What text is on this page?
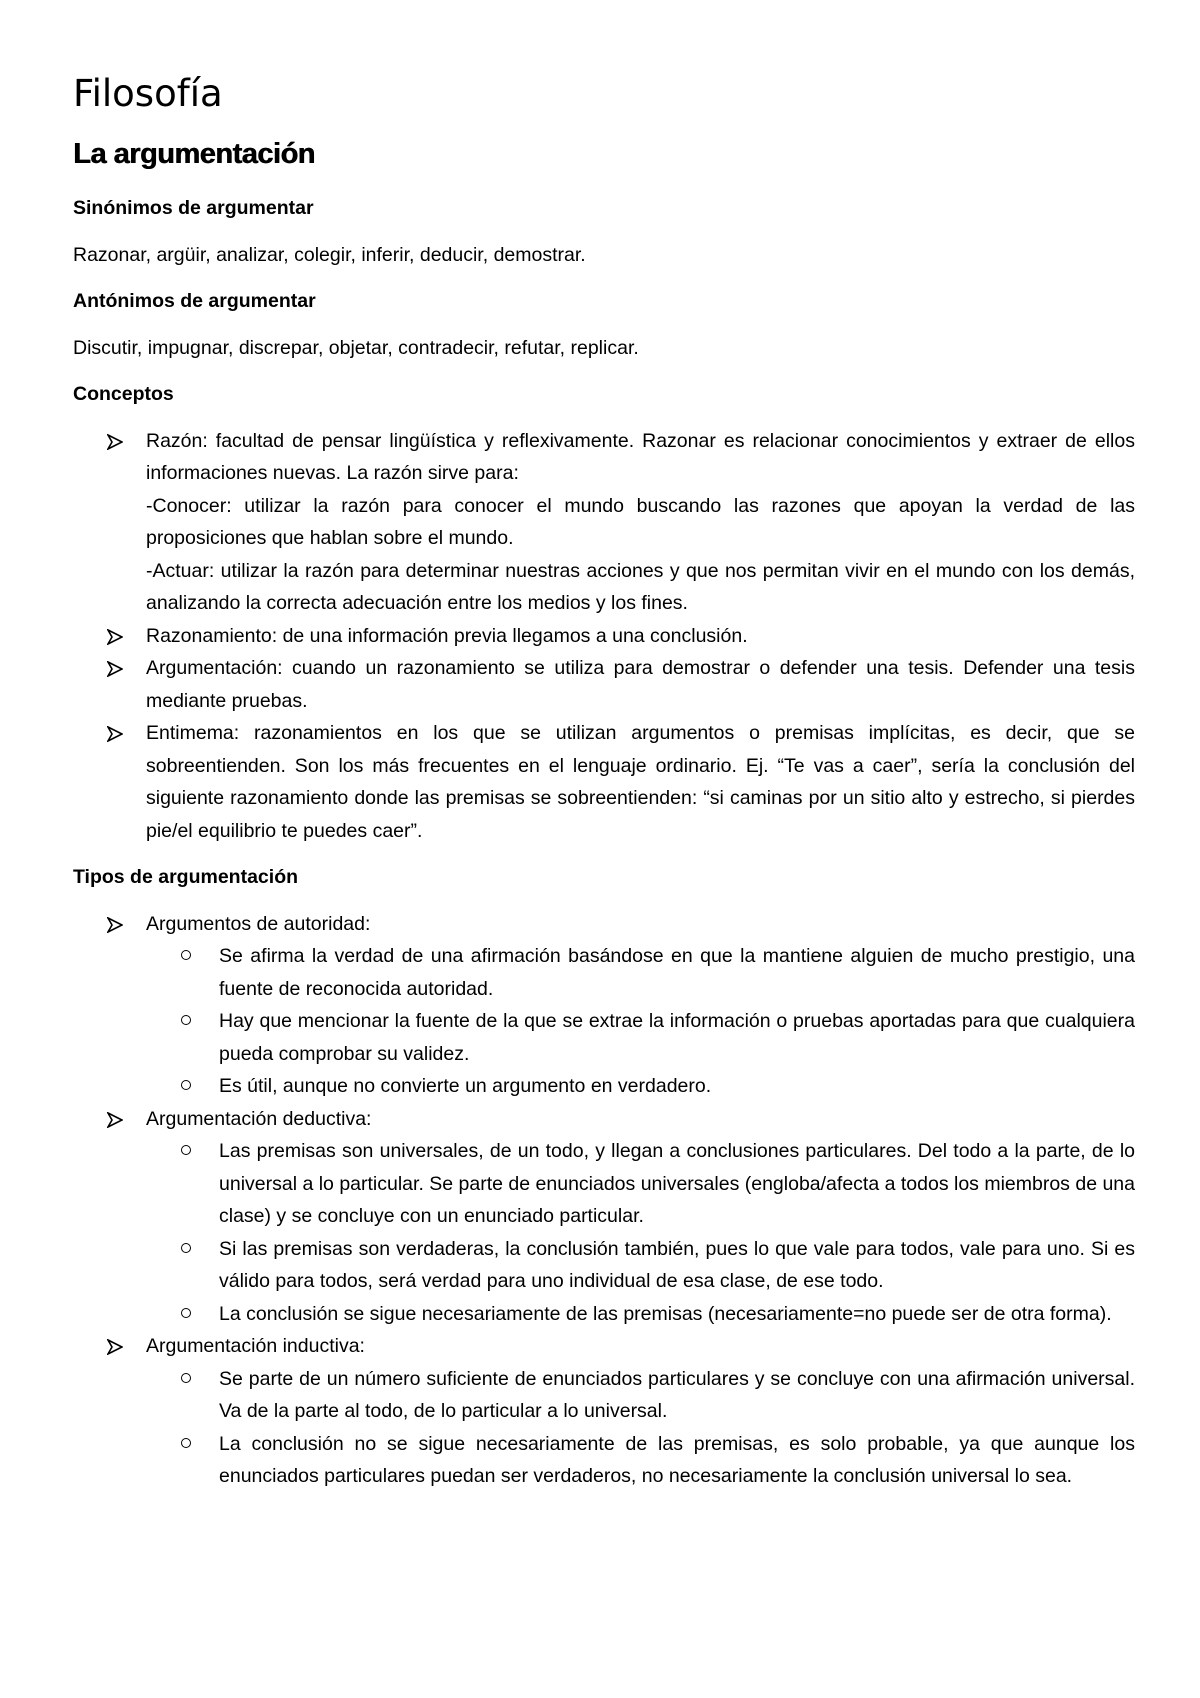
Filosofía
La argumentación
Sinónimos de argumentar
Razonar, argüir, analizar, colegir, inferir, deducir, demostrar.
Antónimos de argumentar
Discutir, impugnar, discrepar, objetar, contradecir, refutar, replicar.
Conceptos
Razón: facultad de pensar lingüística y reflexivamente. Razonar es relacionar conocimientos y extraer de ellos informaciones nuevas. La razón sirve para:
-Conocer: utilizar la razón para conocer el mundo buscando las razones que apoyan la verdad de las proposiciones que hablan sobre el mundo.
-Actuar: utilizar la razón para determinar nuestras acciones y que nos permitan vivir en el mundo con los demás, analizando la correcta adecuación entre los medios y los fines.
Razonamiento: de una información previa llegamos a una conclusión.
Argumentación: cuando un razonamiento se utiliza para demostrar o defender una tesis. Defender una tesis mediante pruebas.
Entimema: razonamientos en los que se utilizan argumentos o premisas implícitas, es decir, que se sobreentienden. Son los más frecuentes en el lenguaje ordinario. Ej. “Te vas a caer”, sería la conclusión del siguiente razonamiento donde las premisas se sobreentienden: “si caminas por un sitio alto y estrecho, si pierdes pie/el equilibrio te puedes caer”.
Tipos de argumentación
Argumentos de autoridad:
Se afirma la verdad de una afirmación basándose en que la mantiene alguien de mucho prestigio, una fuente de reconocida autoridad.
Hay que mencionar la fuente de la que se extrae la información o pruebas aportadas para que cualquiera pueda comprobar su validez.
Es útil, aunque no convierte un argumento en verdadero.
Argumentación deductiva:
Las premisas son universales, de un todo, y llegan a conclusiones particulares. Del todo a la parte, de lo universal a lo particular. Se parte de enunciados universales (engloba/afecta a todos los miembros de una clase) y se concluye con un enunciado particular.
Si las premisas son verdaderas, la conclusión también, pues lo que vale para todos, vale para uno. Si es válido para todos, será verdad para uno individual de esa clase, de ese todo.
La conclusión se sigue necesariamente de las premisas (necesariamente=no puede ser de otra forma).
Argumentación inductiva:
Se parte de un número suficiente de enunciados particulares y se concluye con una afirmación universal. Va de la parte al todo, de lo particular a lo universal.
La conclusión no se sigue necesariamente de las premisas, es solo probable, ya que aunque los enunciados particulares puedan ser verdaderos, no necesariamente la conclusión universal lo sea.
